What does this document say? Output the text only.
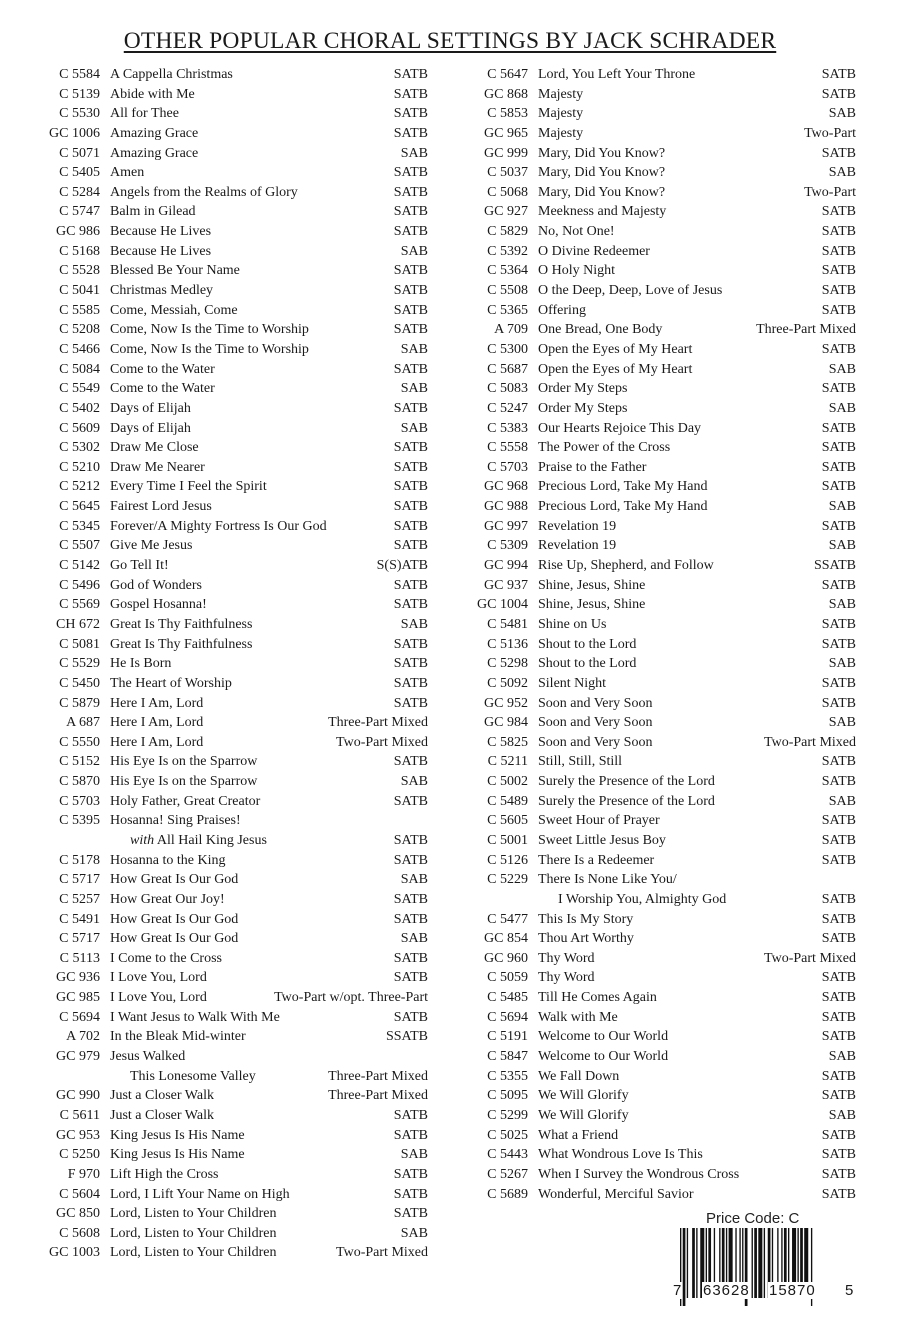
OTHER POPULAR CHORAL SETTINGS BY JACK SCHRADER
C 5584 A Cappella Christmas	SATB
C 5139 Abide with Me	SATB
C 5530 All for Thee	SATB
GC 1006 Amazing Grace	SATB
C 5071 Amazing Grace	SAB
C 5405 Amen	SATB
C 5284 Angels from the Realms of Glory	SATB
C 5747 Balm in Gilead	SATB
GC 986 Because He Lives	SATB
C 5168 Because He Lives	SAB
C 5528 Blessed Be Your Name	SATB
C 5041 Christmas Medley	SATB
C 5585 Come, Messiah, Come	SATB
C 5208 Come, Now Is the Time to Worship	SATB
C 5466 Come, Now Is the Time to Worship	SAB
C 5084 Come to the Water	SATB
C 5549 Come to the Water	SAB
C 5402 Days of Elijah	SATB
C 5609 Days of Elijah	SAB
C 5302 Draw Me Close	SATB
C 5210 Draw Me Nearer	SATB
C 5212 Every Time I Feel the Spirit	SATB
C 5645 Fairest Lord Jesus	SATB
C 5345 Forever/A Mighty Fortress Is Our God	SATB
C 5507 Give Me Jesus	SATB
C 5142 Go Tell It!	S(S)ATB
C 5496 God of Wonders	SATB
C 5569 Gospel Hosanna!	SATB
CH 672 Great Is Thy Faithfulness	SAB
C 5081 Great Is Thy Faithfulness	SATB
C 5529 He Is Born	SATB
C 5450 The Heart of Worship	SATB
C 5879 Here I Am, Lord	SATB
A 687 Here I Am, Lord	Three-Part Mixed
C 5550 Here I Am, Lord	Two-Part Mixed
C 5152 His Eye Is on the Sparrow	SATB
C 5870 His Eye Is on the Sparrow	SAB
C 5703 Holy Father, Great Creator	SATB
C 5395 Hosanna! Sing Praises!
with All Hail King Jesus	SATB
C 5178 Hosanna to the King	SATB
C 5717 How Great Is Our God	SAB
C 5257 How Great Our Joy!	SATB
C 5491 How Great Is Our God	SATB
C 5717 How Great Is Our God	SAB
C 5113 I Come to the Cross	SATB
GC 936 I Love You, Lord	SATB
GC 985 I Love You, Lord	Two-Part w/opt. Three-Part
C 5694 I Want Jesus to Walk With Me	SATB
A 702 In the Bleak Mid-winter	SSATB
GC 979 Jesus Walked
This Lonesome Valley	Three-Part Mixed
GC 990 Just a Closer Walk	Three-Part Mixed
C 5611 Just a Closer Walk	SATB
GC 953 King Jesus Is His Name	SATB
C 5250 King Jesus Is His Name	SAB
F 970 Lift High the Cross	SATB
C 5604 Lord, I Lift Your Name on High	SATB
GC 850 Lord, Listen to Your Children	SATB
C 5608 Lord, Listen to Your Children	SAB
GC 1003 Lord, Listen to Your Children	Two-Part Mixed
C 5647 Lord, You Left Your Throne	SATB
GC 868 Majesty	SATB
C 5853 Majesty	SAB
GC 965 Majesty	Two-Part
GC 999 Mary, Did You Know?	SATB
C 5037 Mary, Did You Know?	SAB
C 5068 Mary, Did You Know?	Two-Part
GC 927 Meekness and Majesty	SATB
C 5829 No, Not One!	SATB
C 5392 O Divine Redeemer	SATB
C 5364 O Holy Night	SATB
C 5508 O the Deep, Deep, Love of Jesus	SATB
C 5365 Offering	SATB
A 709 One Bread, One Body	Three-Part Mixed
C 5300 Open the Eyes of My Heart	SATB
C 5687 Open the Eyes of My Heart	SAB
C 5083 Order My Steps	SATB
C 5247 Order My Steps	SAB
C 5383 Our Hearts Rejoice This Day	SATB
C 5558 The Power of the Cross	SATB
C 5703 Praise to the Father	SATB
GC 968 Precious Lord, Take My Hand	SATB
GC 988 Precious Lord, Take My Hand	SAB
GC 997 Revelation 19	SATB
C 5309 Revelation 19	SAB
GC 994 Rise Up, Shepherd, and Follow	SSATB
GC 937 Shine, Jesus, Shine	SATB
GC 1004 Shine, Jesus, Shine	SAB
C 5481 Shine on Us	SATB
C 5136 Shout to the Lord	SATB
C 5298 Shout to the Lord	SAB
C 5092 Silent Night	SATB
GC 952 Soon and Very Soon	SATB
GC 984 Soon and Very Soon	SAB
C 5825 Soon and Very Soon	Two-Part Mixed
C 5211 Still, Still, Still	SATB
C 5002 Surely the Presence of the Lord	SATB
C 5489 Surely the Presence of the Lord	SAB
C 5605 Sweet Hour of Prayer	SATB
C 5001 Sweet Little Jesus Boy	SATB
C 5126 There Is a Redeemer	SATB
C 5229 There Is None Like You/
I Worship You, Almighty God	SATB
C 5477 This Is My Story	SATB
GC 854 Thou Art Worthy	SATB
GC 960 Thy Word	Two-Part Mixed
C 5059 Thy Word	SATB
C 5485 Till He Comes Again	SATB
C 5694 Walk with Me	SATB
C 5191 Welcome to Our World	SATB
C 5847 Welcome to Our World	SAB
C 5355 We Fall Down	SATB
C 5095 We Will Glorify	SATB
C 5299 We Will Glorify	SAB
C 5025 What a Friend	SATB
C 5443 What Wondrous Love Is This	SATB
C 5267 When I Survey the Wondrous Cross	SATB
C 5689 Wonderful, Merciful Savior	SATB
Price Code: C
7 63628 15870 5
